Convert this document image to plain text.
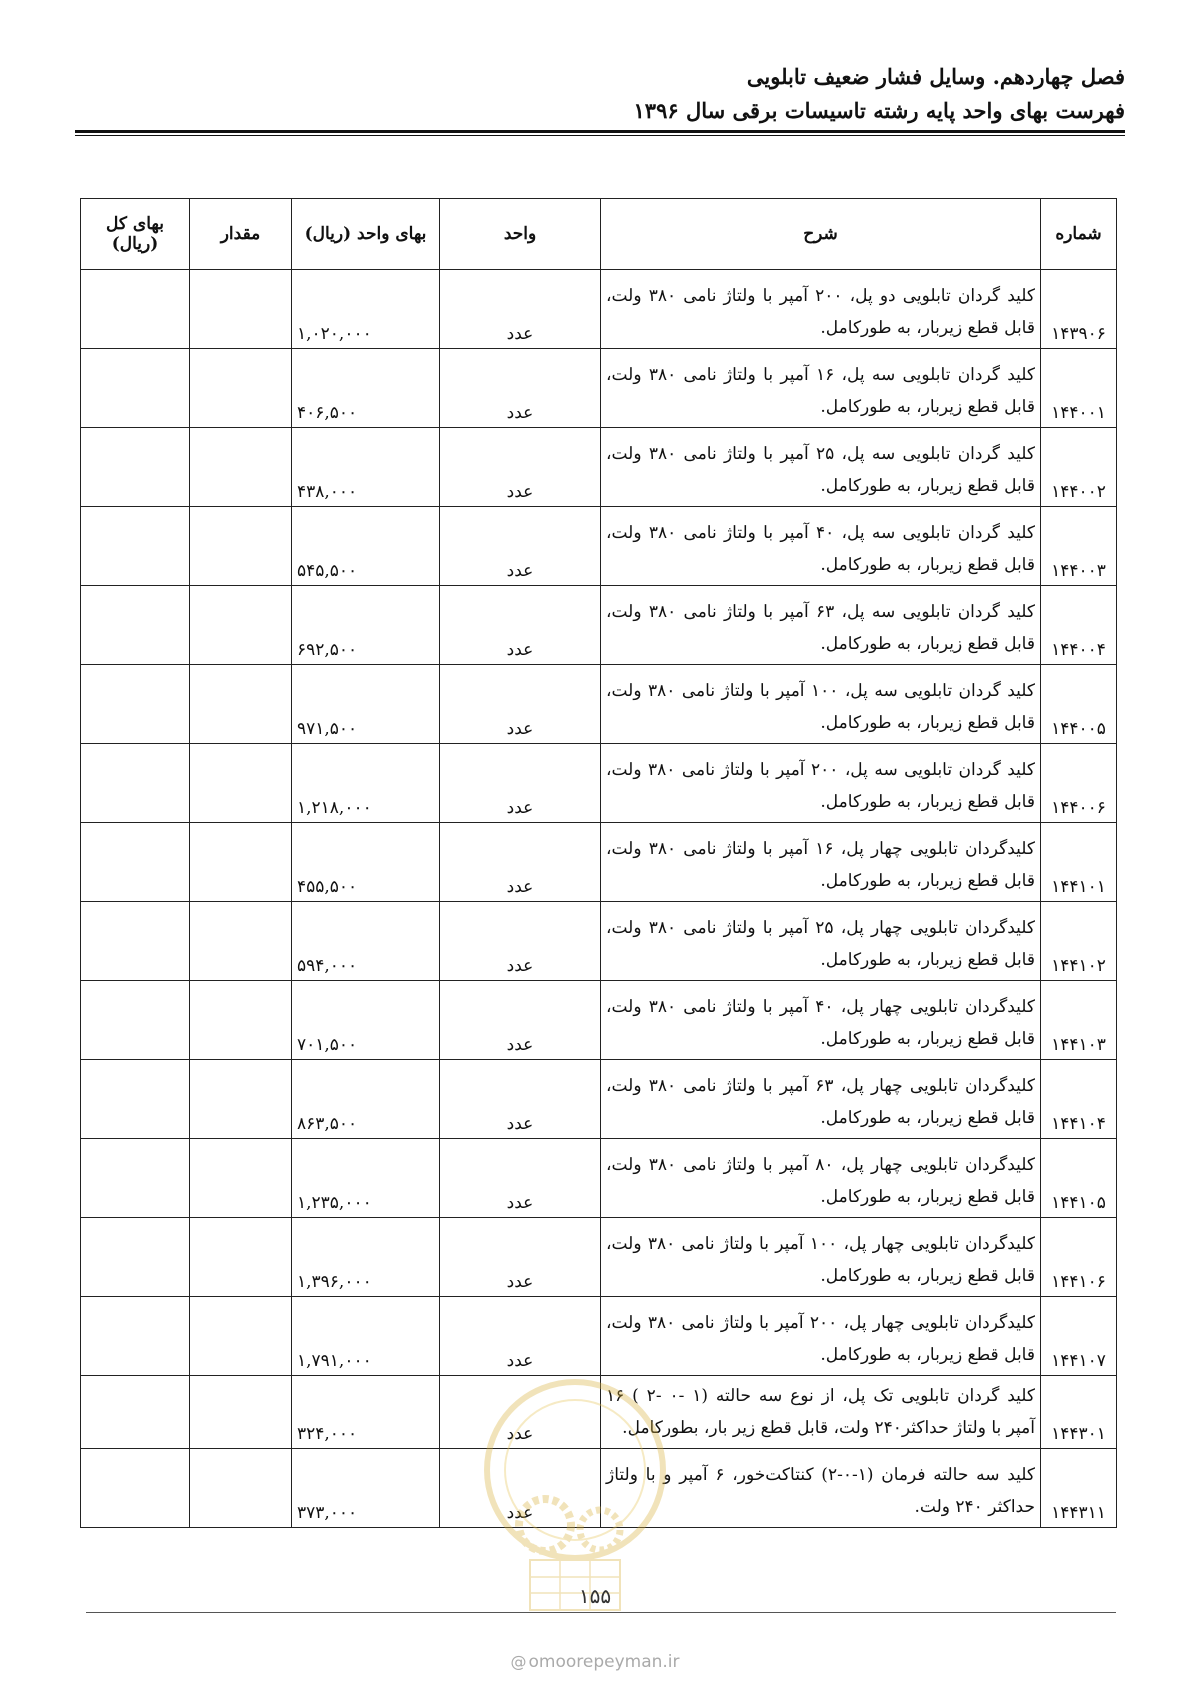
فصل چهاردهم. وسایل فشار ضعیف تابلویی

فهرست بهای واحد پایه رشته تاسیسات برقی سال ۱۳۹۶

شماره	شرح	واحد	بهای واحد (ریال)	مقدار	بهای کل (ریال)
۱۴۳۹۰۶	کلید گردان تابلویی دو پل، ۲۰۰ آمپر با ولتاژ نامی ۳۸۰ ولت، قابل قطع زیربار، به طورکامل.	عدد	۱,۰۲۰,۰۰۰		
۱۴۴۰۰۱	کلید گردان تابلویی سه پل، ۱۶ آمپر با ولتاژ نامی ۳۸۰ ولت، قابل قطع زیربار، به طورکامل.	عدد	۴۰۶,۵۰۰		
۱۴۴۰۰۲	کلید گردان تابلویی سه پل، ۲۵ آمپر با ولتاژ نامی ۳۸۰ ولت، قابل قطع زیربار، به طورکامل.	عدد	۴۳۸,۰۰۰		
۱۴۴۰۰۳	کلید گردان تابلویی سه پل، ۴۰ آمپر با ولتاژ نامی ۳۸۰ ولت، قابل قطع زیربار، به طورکامل.	عدد	۵۴۵,۵۰۰		
۱۴۴۰۰۴	کلید گردان تابلویی سه پل، ۶۳ آمپر با ولتاژ نامی ۳۸۰ ولت، قابل قطع زیربار، به طورکامل.	عدد	۶۹۲,۵۰۰		
۱۴۴۰۰۵	کلید گردان تابلویی سه پل، ۱۰۰ آمپر با ولتاژ نامی ۳۸۰ ولت، قابل قطع زیربار، به طورکامل.	عدد	۹۷۱,۵۰۰		
۱۴۴۰۰۶	کلید گردان تابلویی سه پل، ۲۰۰ آمپر با ولتاژ نامی ۳۸۰ ولت، قابل قطع زیربار، به طورکامل.	عدد	۱,۲۱۸,۰۰۰		
۱۴۴۱۰۱	کلیدگردان تابلویی چهار پل، ۱۶ آمپر با ولتاژ نامی ۳۸۰ ولت، قابل قطع زیربار، به طورکامل.	عدد	۴۵۵,۵۰۰		
۱۴۴۱۰۲	کلیدگردان تابلویی چهار پل، ۲۵ آمپر با ولتاژ نامی ۳۸۰ ولت، قابل قطع زیربار، به طورکامل.	عدد	۵۹۴,۰۰۰		
۱۴۴۱۰۳	کلیدگردان تابلویی چهار پل، ۴۰ آمپر با ولتاژ نامی ۳۸۰ ولت، قابل قطع زیربار، به طورکامل.	عدد	۷۰۱,۵۰۰		
۱۴۴۱۰۴	کلیدگردان تابلویی چهار پل، ۶۳ آمپر با ولتاژ نامی ۳۸۰ ولت، قابل قطع زیربار، به طورکامل.	عدد	۸۶۳,۵۰۰		
۱۴۴۱۰۵	کلیدگردان تابلویی چهار پل، ۸۰ آمپر با ولتاژ نامی ۳۸۰ ولت، قابل قطع زیربار، به طورکامل.	عدد	۱,۲۳۵,۰۰۰		
۱۴۴۱۰۶	کلیدگردان تابلویی چهار پل، ۱۰۰ آمپر با ولتاژ نامی ۳۸۰ ولت، قابل قطع زیربار، به طورکامل.	عدد	۱,۳۹۶,۰۰۰		
۱۴۴۱۰۷	کلیدگردان تابلویی چهار پل، ۲۰۰ آمپر با ولتاژ نامی ۳۸۰ ولت، قابل قطع زیربار، به طورکامل.	عدد	۱,۷۹۱,۰۰۰		
۱۴۴۳۰۱	کلید گردان تابلویی تک پل، از نوع سه حالته (۱ -۰ -۲ ) ۱۶ آمپر با ولتاژ حداکثر۲۴۰ ولت، قابل قطع زیر بار، بطورکامل.	عدد	۳۲۴,۰۰۰		
۱۴۴۳۱۱	کلید سه حالته فرمان (۱-۰-۲) کنتاکت‌خور، ۶ آمپر و با ولتاژ حداکثر ۲۴۰ ولت.	عدد	۳۷۳,۰۰۰		
۱۵۵
@ omoorepeyman.ir
